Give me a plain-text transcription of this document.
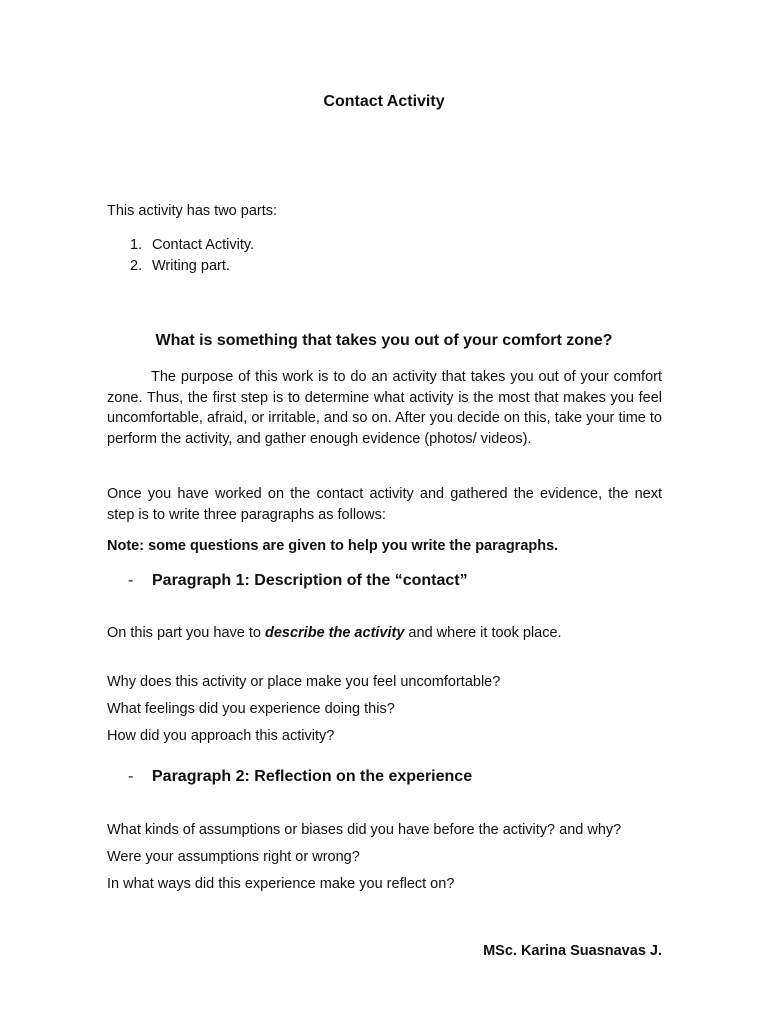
Contact Activity

This activity has two parts:

1. Contact Activity.
2. Writing part.
What is something that takes you out of your comfort zone?

The purpose of this work is to do an activity that takes you out of your comfort zone. Thus, the first step is to determine what activity is the most that makes you feel uncomfortable, afraid, or irritable, and so on. After you decide on this, take your time to perform the activity, and gather enough evidence (photos/ videos).

Once you have worked on the contact activity and gathered the evidence, the next step is to write three paragraphs as follows:

Note: some questions are given to help you write the paragraphs.

- Paragraph 1: Description of the “contact”

On this part you have to describe the activity and where it took place.

Why does this activity or place make you feel uncomfortable?

What feelings did you experience doing this?

How did you approach this activity?

- Paragraph 2: Reflection on the experience

What kinds of assumptions or biases did you have before the activity? and why?

Were your assumptions right or wrong?

In what ways did this experience make you reflect on?

MSc. Karina Suasnavas J.
